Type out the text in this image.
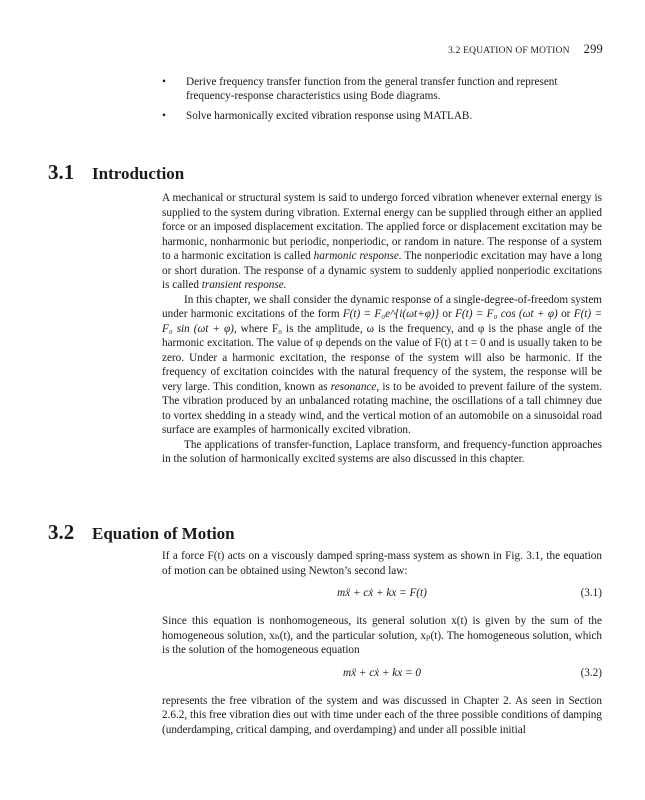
3.2 EQUATION OF MOTION 299
• Derive frequency transfer function from the general transfer function and represent frequency-response characteristics using Bode diagrams.
• Solve harmonically excited vibration response using MATLAB.
3.1	Introduction

A mechanical or structural system is said to undergo forced vibration whenever external energy is supplied to the system during vibration. External energy can be supplied through either an applied force or an imposed displacement excitation. The applied force or displacement excitation may be harmonic, nonharmonic but periodic, nonperiodic, or random in nature. The response of a system to a harmonic excitation is called harmonic response. The nonperiodic excitation may have a long or short duration. The response of a dynamic system to suddenly applied nonperiodic excitations is called transient response.

In this chapter, we shall consider the dynamic response of a single-degree-of-freedom system under harmonic excitations of the form F(t) = F₀e^{i(ωt+φ)} or F(t) = F₀ cos (ωt + φ) or F(t) = F₀ sin (ωt + φ), where F₀ is the amplitude, ω is the frequency, and φ is the phase angle of the harmonic excitation. The value of φ depends on the value of F(t) at t = 0 and is usually taken to be zero. Under a harmonic excitation, the response of the system will also be harmonic. If the frequency of excitation coincides with the natural frequency of the system, the response will be very large. This condition, known as resonance, is to be avoided to prevent failure of the system. The vibration produced by an unbalanced rotating machine, the oscillations of a tall chimney due to vortex shedding in a steady wind, and the vertical motion of an automobile on a sinusoidal road surface are examples of harmonically excited vibration.

The applications of transfer-function, Laplace transform, and frequency-function approaches in the solution of harmonically excited systems are also discussed in this chapter.

3.2	Equation of Motion

If a force F(t) acts on a viscously damped spring-mass system as shown in Fig. 3.1, the equation of motion can be obtained using Newton’s second law:

mẍ + cẋ + kx = F(t)	(3.1)

Since this equation is nonhomogeneous, its general solution x(t) is given by the sum of the homogeneous solution, xₕ(t), and the particular solution, xₚ(t). The homogeneous solution, which is the solution of the homogeneous equation

mẍ + cẋ + kx = 0	(3.2)

represents the free vibration of the system and was discussed in Chapter 2. As seen in Section 2.6.2, this free vibration dies out with time under each of the three possible conditions of damping (underdamping, critical damping, and overdamping) and under all possible initial
